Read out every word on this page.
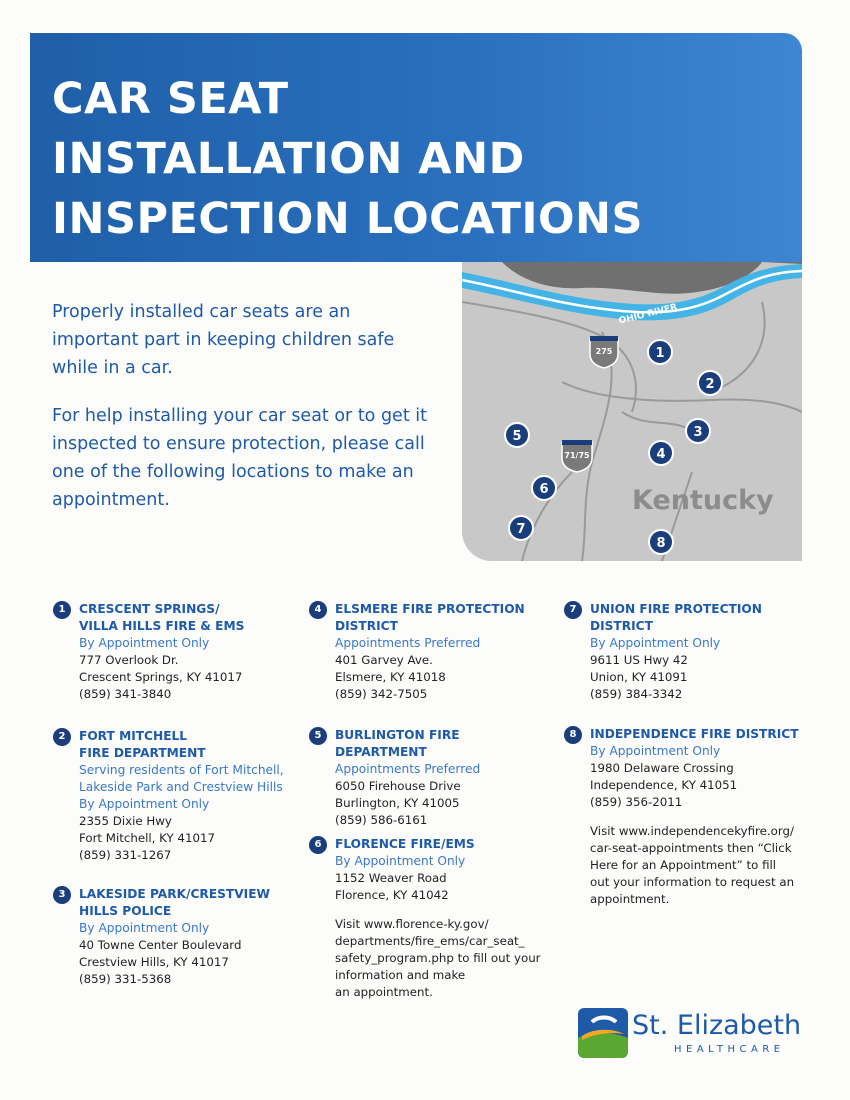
CAR SEAT
INSTALLATION AND
INSPECTION LOCATIONS

Properly installed car seats are an important part in keeping children safe while in a car.

For help installing your car seat or to get it inspected to ensure protection, please call one of the following locations to make an appointment.

1
2
3
4
5
6
7
8
275
71/75
OHIO RIVER
Kentucky
1	CRESCENT SPRINGS/
VILLA HILLS FIRE & EMS
By Appointment Only
777 Overlook Dr.
Crescent Springs, KY 41017
(859) 341-3840
2	FORT MITCHELL
FIRE DEPARTMENT
Serving residents of Fort Mitchell,
Lakeside Park and Crestview Hills
By Appointment Only
2355 Dixie Hwy
Fort Mitchell, KY 41017
(859) 331-1267
3	LAKESIDE PARK/CRESTVIEW
HILLS POLICE
By Appointment Only
40 Towne Center Boulevard
Crestview Hills, KY 41017
(859) 331-5368
4	ELSMERE FIRE PROTECTION
DISTRICT
Appointments Preferred
401 Garvey Ave.
Elsmere, KY 41018
(859) 342-7505
5	BURLINGTON FIRE DEPARTMENT
Appointments Preferred
6050 Firehouse Drive
Burlington, KY 41005
(859) 586-6161
6	FLORENCE FIRE/EMS
By Appointment Only
1152 Weaver Road
Florence, KY 41042
Visit www.florence-ky.gov/
departments/fire_ems/car_seat_
safety_program.php to fill out your
information and make
an appointment.
7	UNION FIRE PROTECTION
DISTRICT
By Appointment Only
9611 US Hwy 42
Union, KY 41091
(859) 384-3342
8	INDEPENDENCE FIRE DISTRICT
By Appointment Only
1980 Delaware Crossing
Independence, KY 41051
(859) 356-2011
Visit www.independencekyfire.org/
car-seat-appointments then “Click
Here for an Appointment” to fill
out your information to request an
appointment.
St. Elizabeth
HEALTHCARE
